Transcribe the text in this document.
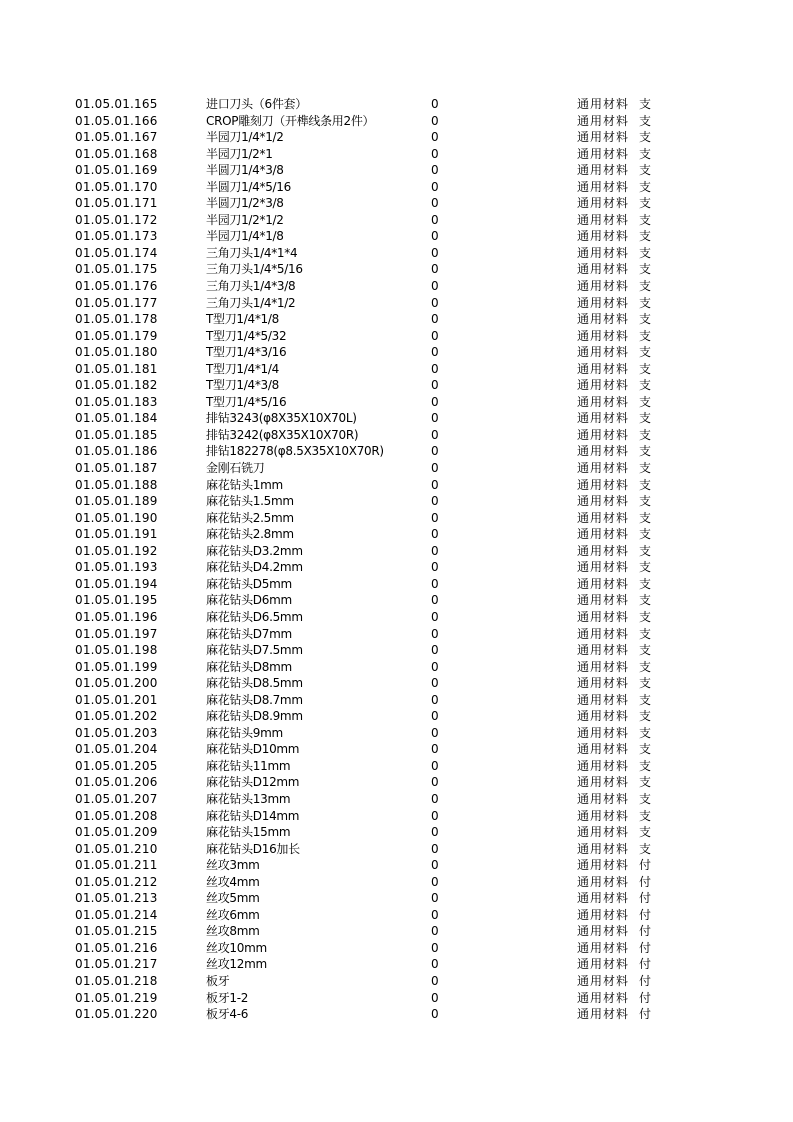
01.05.01.165	进口刀头（6件套）	0	通用材料 支
01.05.01.166	CROP雕刻刀（开榫线条用2件）	0	通用材料 支
01.05.01.167	半园刀1/4*1/2	0	通用材料 支
01.05.01.168	半园刀1/2*1	0	通用材料 支
01.05.01.169	半圆刀1/4*3/8	0	通用材料 支
01.05.01.170	半圆刀1/4*5/16	0	通用材料 支
01.05.01.171	半圆刀1/2*3/8	0	通用材料 支
01.05.01.172	半园刀1/2*1/2	0	通用材料 支
01.05.01.173	半园刀1/4*1/8	0	通用材料 支
01.05.01.174	三角刀头1/4*1*4	0	通用材料 支
01.05.01.175	三角刀头1/4*5/16	0	通用材料 支
01.05.01.176	三角刀头1/4*3/8	0	通用材料 支
01.05.01.177	三角刀头1/4*1/2	0	通用材料 支
01.05.01.178	T型刀1/4*1/8	0	通用材料 支
01.05.01.179	T型刀1/4*5/32	0	通用材料 支
01.05.01.180	T型刀1/4*3/16	0	通用材料 支
01.05.01.181	T型刀1/4*1/4	0	通用材料 支
01.05.01.182	T型刀1/4*3/8	0	通用材料 支
01.05.01.183	T型刀1/4*5/16	0	通用材料 支
01.05.01.184	排钻3243(φ8X35X10X70L)	0	通用材料 支
01.05.01.185	排钻3242(φ8X35X10X70R)	0	通用材料 支
01.05.01.186	排钻182278(φ8.5X35X10X70R)	0	通用材料 支
01.05.01.187	金刚石铣刀	0	通用材料 支
01.05.01.188	麻花钻头1mm	0	通用材料 支
01.05.01.189	麻花钻头1.5mm	0	通用材料 支
01.05.01.190	麻花钻头2.5mm	0	通用材料 支
01.05.01.191	麻花钻头2.8mm	0	通用材料 支
01.05.01.192	麻花钻头D3.2mm	0	通用材料 支
01.05.01.193	麻花钻头D4.2mm	0	通用材料 支
01.05.01.194	麻花钻头D5mm	0	通用材料 支
01.05.01.195	麻花钻头D6mm	0	通用材料 支
01.05.01.196	麻花钻头D6.5mm	0	通用材料 支
01.05.01.197	麻花钻头D7mm	0	通用材料 支
01.05.01.198	麻花钻头D7.5mm	0	通用材料 支
01.05.01.199	麻花钻头D8mm	0	通用材料 支
01.05.01.200	麻花钻头D8.5mm	0	通用材料 支
01.05.01.201	麻花钻头D8.7mm	0	通用材料 支
01.05.01.202	麻花钻头D8.9mm	0	通用材料 支
01.05.01.203	麻花钻头9mm	0	通用材料 支
01.05.01.204	麻花钻头D10mm	0	通用材料 支
01.05.01.205	麻花钻头11mm	0	通用材料 支
01.05.01.206	麻花钻头D12mm	0	通用材料 支
01.05.01.207	麻花钻头13mm	0	通用材料 支
01.05.01.208	麻花钻头D14mm	0	通用材料 支
01.05.01.209	麻花钻头15mm	0	通用材料 支
01.05.01.210	麻花钻头D16加长	0	通用材料 支
01.05.01.211	丝攻3mm	0	通用材料 付
01.05.01.212	丝攻4mm	0	通用材料 付
01.05.01.213	丝攻5mm	0	通用材料 付
01.05.01.214	丝攻6mm	0	通用材料 付
01.05.01.215	丝攻8mm	0	通用材料 付
01.05.01.216	丝攻10mm	0	通用材料 付
01.05.01.217	丝攻12mm	0	通用材料 付
01.05.01.218	板牙	0	通用材料 付
01.05.01.219	板牙1-2	0	通用材料 付
01.05.01.220	板牙4-6	0	通用材料 付
